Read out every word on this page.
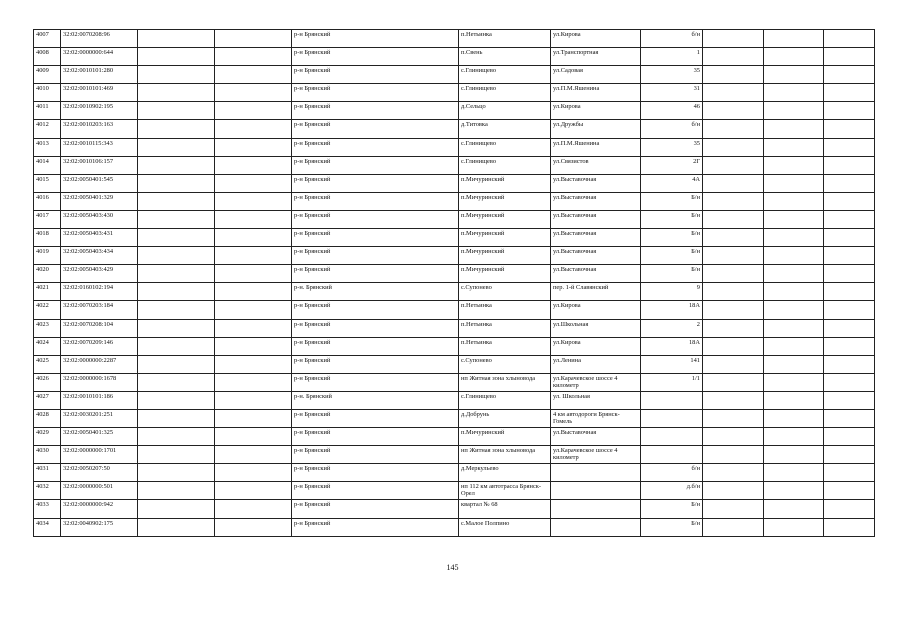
4007	32:02:0070208:96			р-н Брянский	п.Нетьинка	ул.Кирова	б/н			
4008	32:02:0000000:644			р-н Брянский	п.Свень	ул.Транспортная	1			
4009	32:02:0010101:280			р-н Брянский	с.Глинищево	ул.Садовая	35			
4010	32:02:0010101:469			р-н Брянский	с.Глинищево	ул.П.М.Яшенина	31			
4011	32:02:0010902:195			р-н Брянский	д.Сельцо	ул.Кирова	46			
4012	32:02:0010203:163			р-н Брянский	д.Титовка	ул.Дружбы	б/н			
4013	32:02:0010115:343			р-н Брянский	с.Глинищево	ул.П.М.Яшенина	35			
4014	32:02:0010106:157			р-н Брянский	с.Глинищево	ул.Связистов	2Г			
4015	32:02:0050401:545			р-н Брянский	п.Мичуринский	ул.Выставочная	4А			
4016	32:02:0050401:329			р-н Брянский	п.Мичуринский	ул.Выставочная	Б/н			
4017	32:02:0050403:430			р-н Брянский	п.Мичуринский	ул.Выставочная	Б/н			
4018	32:02:0050403:431			р-н Брянский	п.Мичуринский	ул.Выставочная	Б/н			
4019	32:02:0050403:434			р-н Брянский	п.Мичуринский	ул.Выставочная	Б/н			
4020	32:02:0050403:429			р-н Брянский	п.Мичуринский	ул.Выставочная	Б/н			
4021	32:02:0160102:194			р-н. Брянский	с.Супонево	пер. 1-й Славянский	9			
4022	32:02:0070203:184			р-н Брянский	п.Нетьинка	ул.Кирова	18А			
4023	32:02:0070208:104			р-н Брянский	п.Нетьинка	ул.Школьная	2			
4024	32:02:0070209:146			р-н Брянский	п.Нетьинка	ул.Кирова	18А			
4025	32:02:0000000:2287			р-н Брянский	с.Супонево	ул.Ленина	141			
4026	32:02:0000000:1678			р-н Брянский	нп Житная зона хлыновода	ул.Карачевское шоссе 4 километр	1/1			
4027	32:02:0010101:186			р-н. Брянский	с.Глинищево	ул. Школьная				
4028	32:02:0030201:251			р-н Брянский	д.Добрунь	4 км автодороги Брянск-Гомель				
4029	32:02:0050401:325			р-н Брянский	п.Мичуринский	ул.Выставочная				
4030	32:02:0000000:1701			р-н Брянский	нп Житная зона хлыновода	ул.Карачевское шоссе 4 километр				
4031	32:02:0050207:50			р-н Брянский	д.Меркульево		б/н			
4032	32:02:0000000:501			р-н Брянский	нп 112 км автотрасса Брянск-Орел		д.б/н			
4033	32:02:0000000:942			р-н Брянский	квартал № 68		Б/н			
4034	32:02:0040902:175			р-н Брянский	с.Малое Полпино		Б/н			
145
